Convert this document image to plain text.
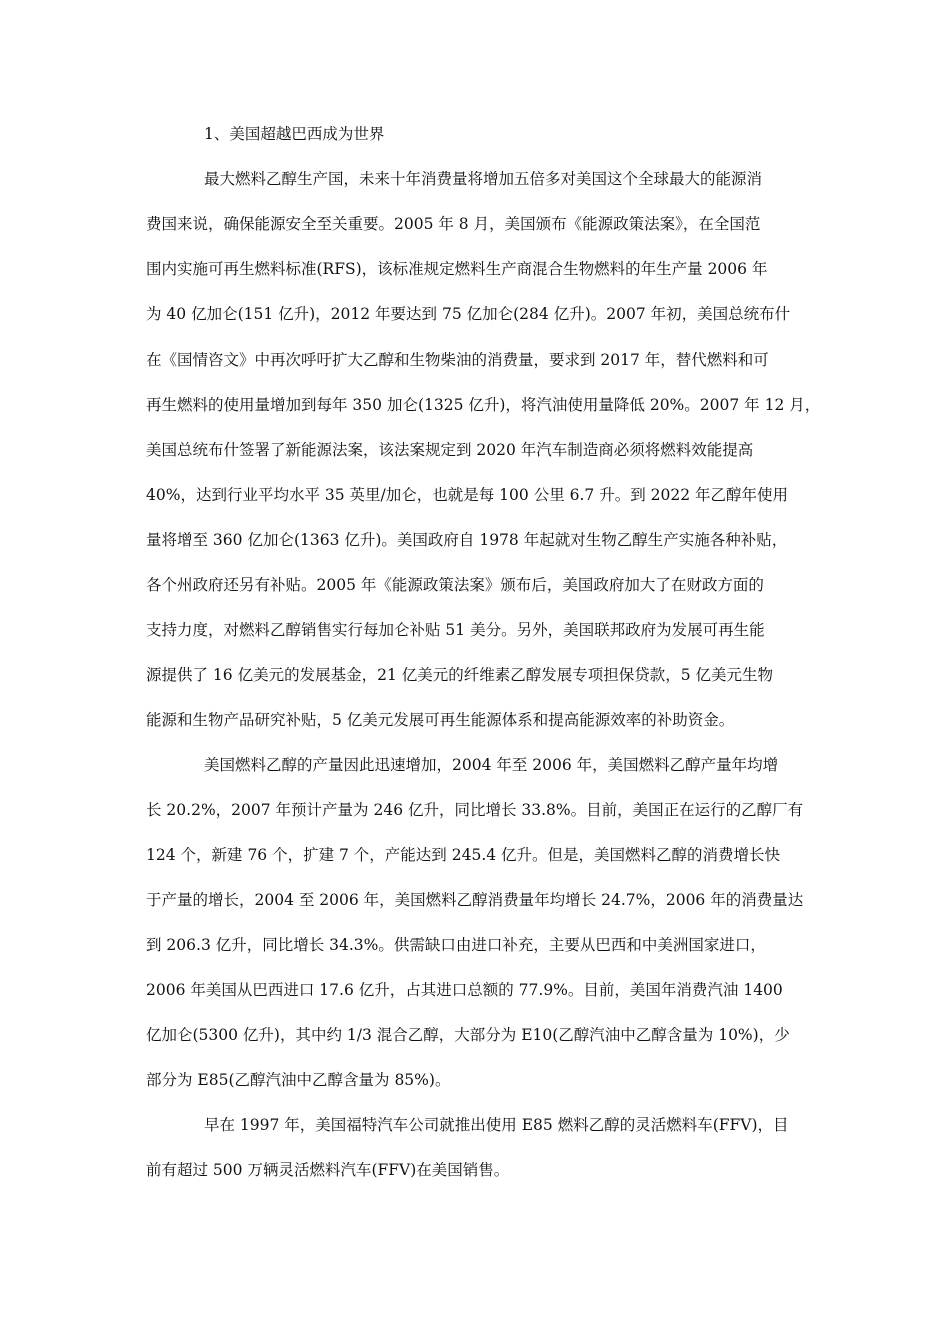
1、美国超越巴西成为世界
最大燃料乙醇生产国，未来十年消费量将增加五倍多对美国这个全球最大的能源消
费国来说，确保能源安全至关重要。2005 年 8 月，美国颁布《能源政策法案》，在全国范
围内实施可再生燃料标准(RFS)，该标准规定燃料生产商混合生物燃料的年生产量 2006 年
为 40 亿加仑(151 亿升)，2012 年要达到 75 亿加仑(284 亿升)。2007 年初，美国总统布什
在《国情咨文》中再次呼吁扩大乙醇和生物柴油的消费量，要求到 2017 年，替代燃料和可
再生燃料的使用量增加到每年 350 加仑(1325 亿升)，将汽油使用量降低 20%。2007 年 12 月，
美国总统布什签署了新能源法案，该法案规定到 2020 年汽车制造商必须将燃料效能提高
40%，达到行业平均水平 35 英里/加仑，也就是每 100 公里 6.7 升。到 2022 年乙醇年使用
量将增至 360 亿加仑(1363 亿升)。美国政府自 1978 年起就对生物乙醇生产实施各种补贴，
各个州政府还另有补贴。2005 年《能源政策法案》颁布后，美国政府加大了在财政方面的
支持力度，对燃料乙醇销售实行每加仑补贴 51 美分。另外，美国联邦政府为发展可再生能
源提供了 16 亿美元的发展基金，21 亿美元的纤维素乙醇发展专项担保贷款，5 亿美元生物
能源和生物产品研究补贴，5 亿美元发展可再生能源体系和提高能源效率的补助资金。
美国燃料乙醇的产量因此迅速增加，2004 年至 2006 年，美国燃料乙醇产量年均增
长 20.2%，2007 年预计产量为 246 亿升，同比增长 33.8%。目前，美国正在运行的乙醇厂有
124 个，新建 76 个，扩建 7 个，产能达到 245.4 亿升。但是，美国燃料乙醇的消费增长快
于产量的增长，2004 至 2006 年，美国燃料乙醇消费量年均增长 24.7%，2006 年的消费量达
到 206.3 亿升，同比增长 34.3%。供需缺口由进口补充，主要从巴西和中美洲国家进口，
2006 年美国从巴西进口 17.6 亿升，占其进口总额的 77.9%。目前，美国年消费汽油 1400
亿加仑(5300 亿升)，其中约 1/3 混合乙醇，大部分为 E10(乙醇汽油中乙醇含量为 10%)，少
部分为 E85(乙醇汽油中乙醇含量为 85%)。
早在 1997 年，美国福特汽车公司就推出使用 E85 燃料乙醇的灵活燃料车(FFV)，目
前有超过 500 万辆灵活燃料汽车(FFV)在美国销售。
